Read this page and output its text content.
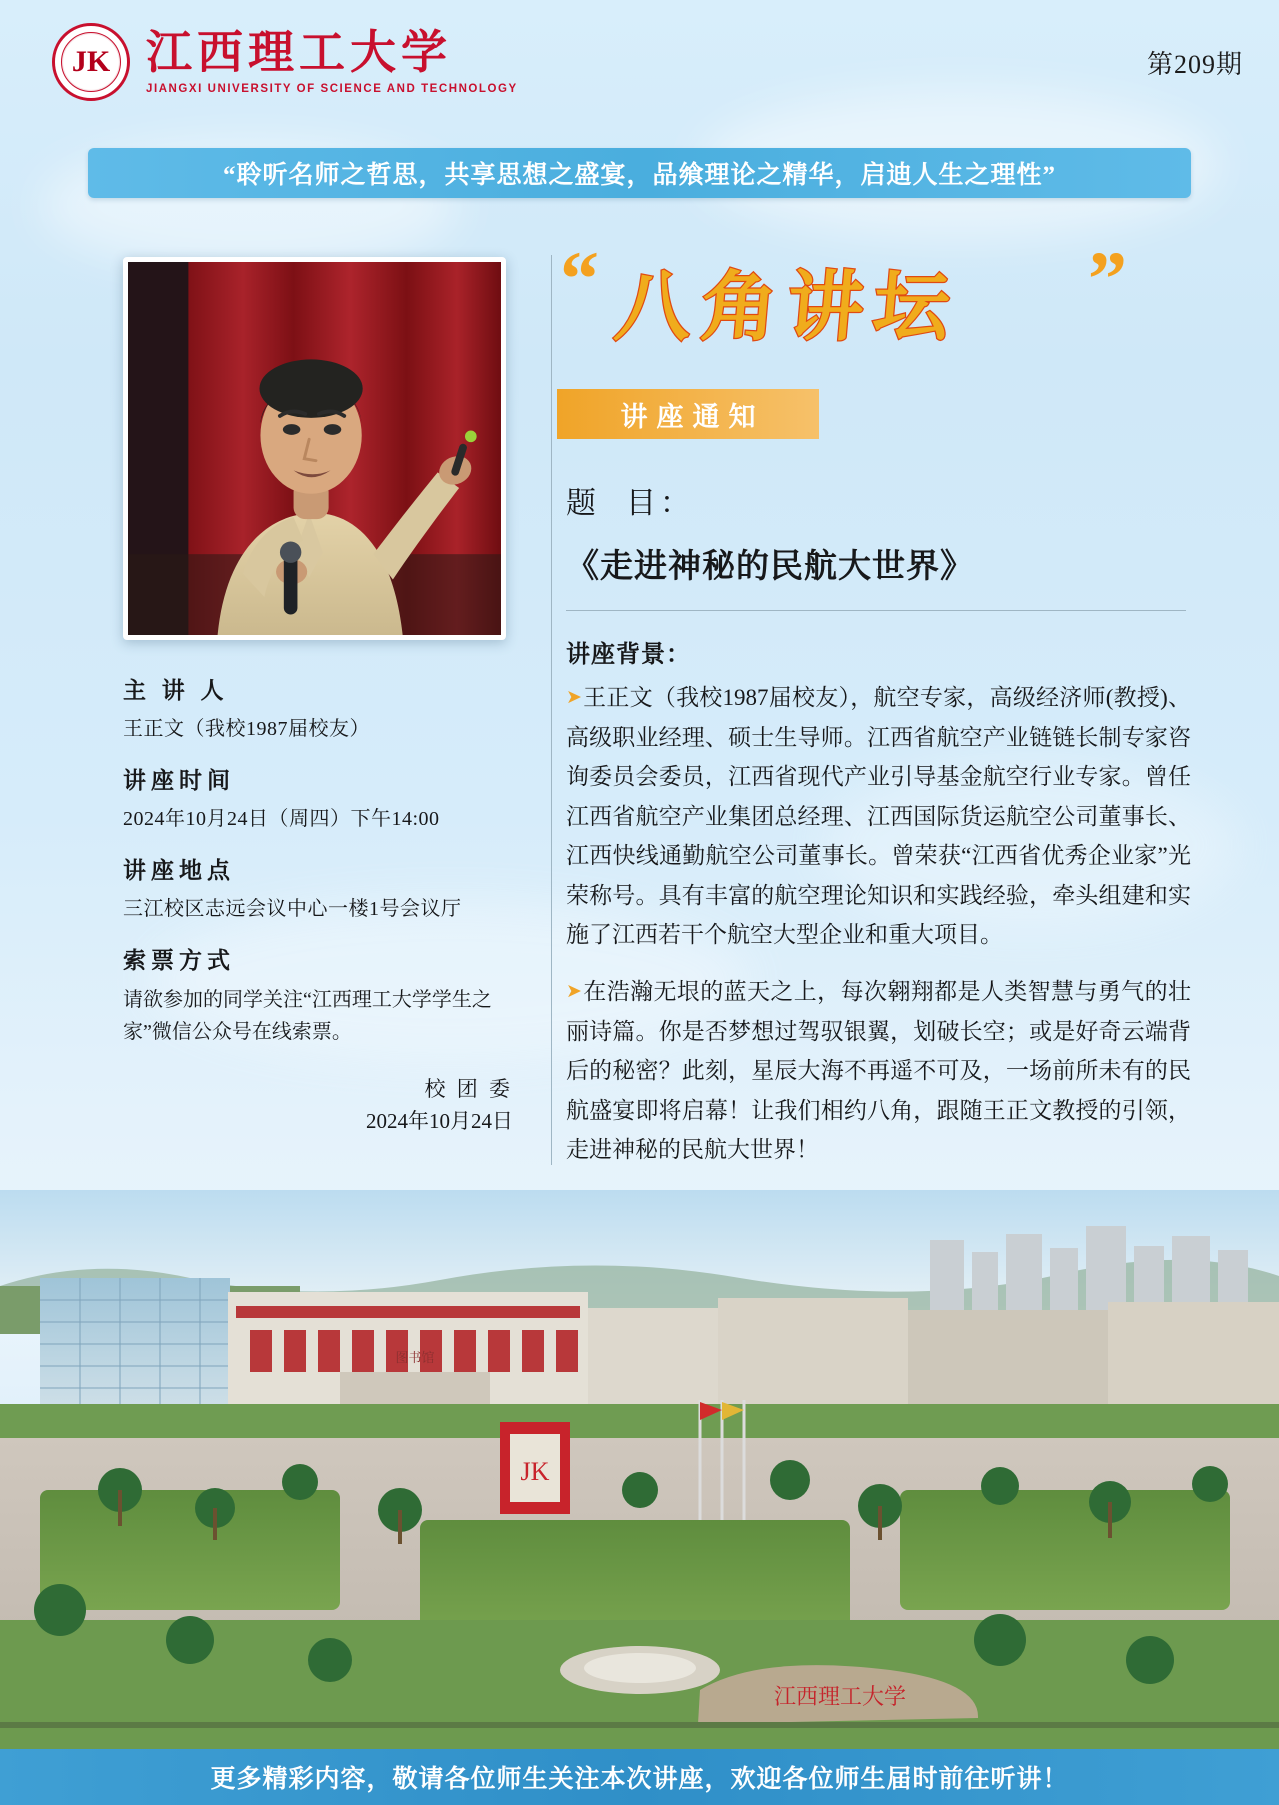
JK 江西理工大学
JIANGXI UNIVERSITY OF SCIENCE AND TECHNOLOGY
第209期
“聆听名师之哲思，共享思想之盛宴，品飨理论之精华，启迪人生之理性”
主 讲 人
王正文（我校1987届校友）
讲座时间
2024年10月24日（周四）下午14:00
讲座地点
三江校区志远会议中心一楼1号会议厅
索票方式
请欲参加的同学关注“江西理工大学学生之家”微信公众号在线索票。
校 团 委
2024年10月24日
“ 八角讲坛 ”
讲座通知
题目：
《走进神秘的民航大世界》
讲座背景：
➤ 王正文（我校1987届校友），航空专家，高级经济师(教授)、高级职业经理、硕士生导师。江西省航空产业链链长制专家咨询委员会委员，江西省现代产业引导基金航空行业专家。曾任江西省航空产业集团总经理、江西国际货运航空公司董事长、江西快线通勤航空公司董事长。曾荣获“江西省优秀企业家”光荣称号。具有丰富的航空理论知识和实践经验，牵头组建和实施了江西若干个航空大型企业和重大项目。
➤ 在浩瀚无垠的蓝天之上，每次翱翔都是人类智慧与勇气的壮丽诗篇。你是否梦想过驾驭银翼，划破长空；或是好奇云端背后的秘密？此刻，星辰大海不再遥不可及，一场前所未有的民航盛宴即将启幕！让我们相约八角，跟随王正文教授的引领，走进神秘的民航大世界！
图书馆
JK
江西理工大学
更多精彩内容，敬请各位师生关注本次讲座，欢迎各位师生届时前往听讲！
